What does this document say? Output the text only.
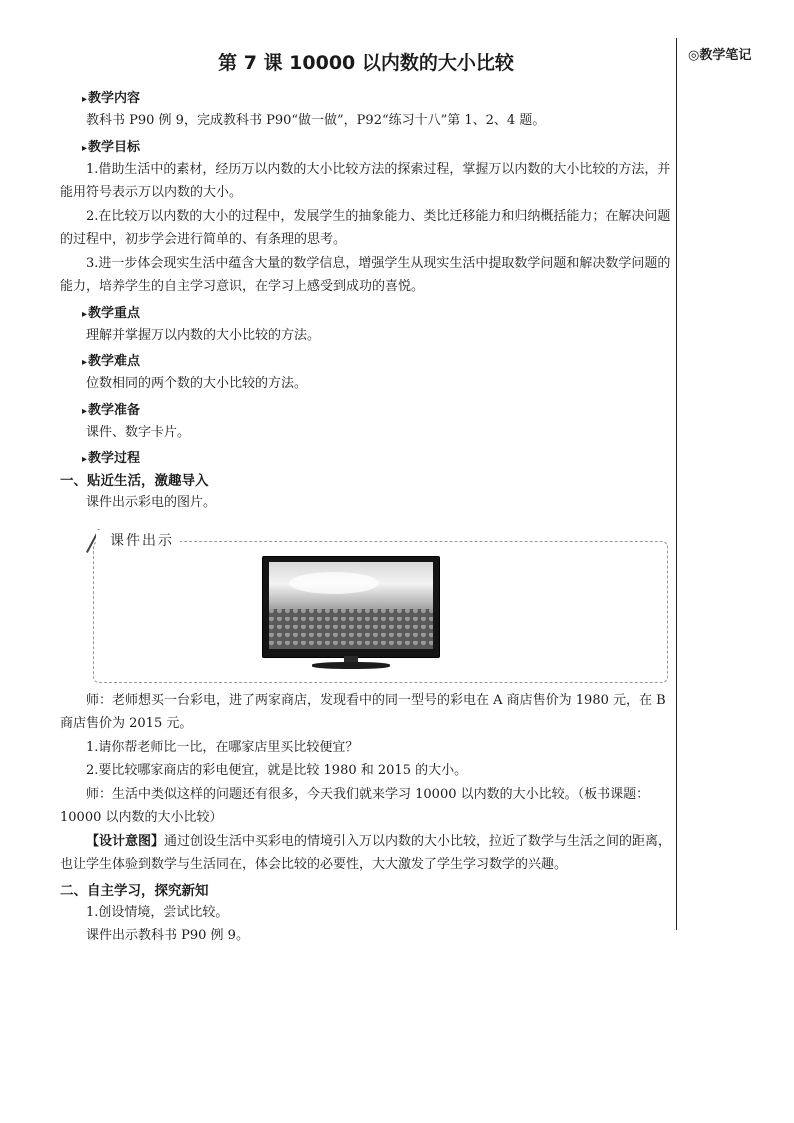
◎教学笔记
第 7 课 10000 以内数的大小比较
▸ 教学内容

教科书 P90 例 9，完成教科书 P90“做一做”，P92“练习十八”第 1、2、4 题。

▸ 教学目标

1.借助生活中的素材，经历万以内数的大小比较方法的探索过程，掌握万以内数的大小比较的方法，并能用符号表示万以内数的大小。

2.在比较万以内数的大小的过程中，发展学生的抽象能力、类比迁移能力和归纳概括能力；在解决问题的过程中，初步学会进行简单的、有条理的思考。

3.进一步体会现实生活中蕴含大量的数学信息，增强学生从现实生活中提取数学问题和解决数学问题的能力，培养学生的自主学习意识，在学习上感受到成功的喜悦。

▸ 教学重点

理解并掌握万以内数的大小比较的方法。

▸ 教学难点

位数相同的两个数的大小比较的方法。

▸ 教学准备

课件、数字卡片。

▸ 教学过程
一、贴近生活，激趣导入

课件出示彩电的图片。

课件出示

师：老师想买一台彩电，进了两家商店，发现看中的同一型号的彩电在 A 商店售价为 1980 元，在 B 商店售价为 2015 元。

1.请你帮老师比一比，在哪家店里买比较便宜？

2.要比较哪家商店的彩电便宜，就是比较 1980 和 2015 的大小。

师：生活中类似这样的问题还有很多，今天我们就来学习 10000 以内数的大小比较。（板书课题：10000 以内数的大小比较）

【设计意图】通过创设生活中买彩电的情境引入万以内数的大小比较，拉近了数学与生活之间的距离，也让学生体验到数学与生活同在，体会比较的必要性，大大激发了学生学习数学的兴趣。

二、自主学习，探究新知

1.创设情境，尝试比较。

课件出示教科书 P90 例 9。
